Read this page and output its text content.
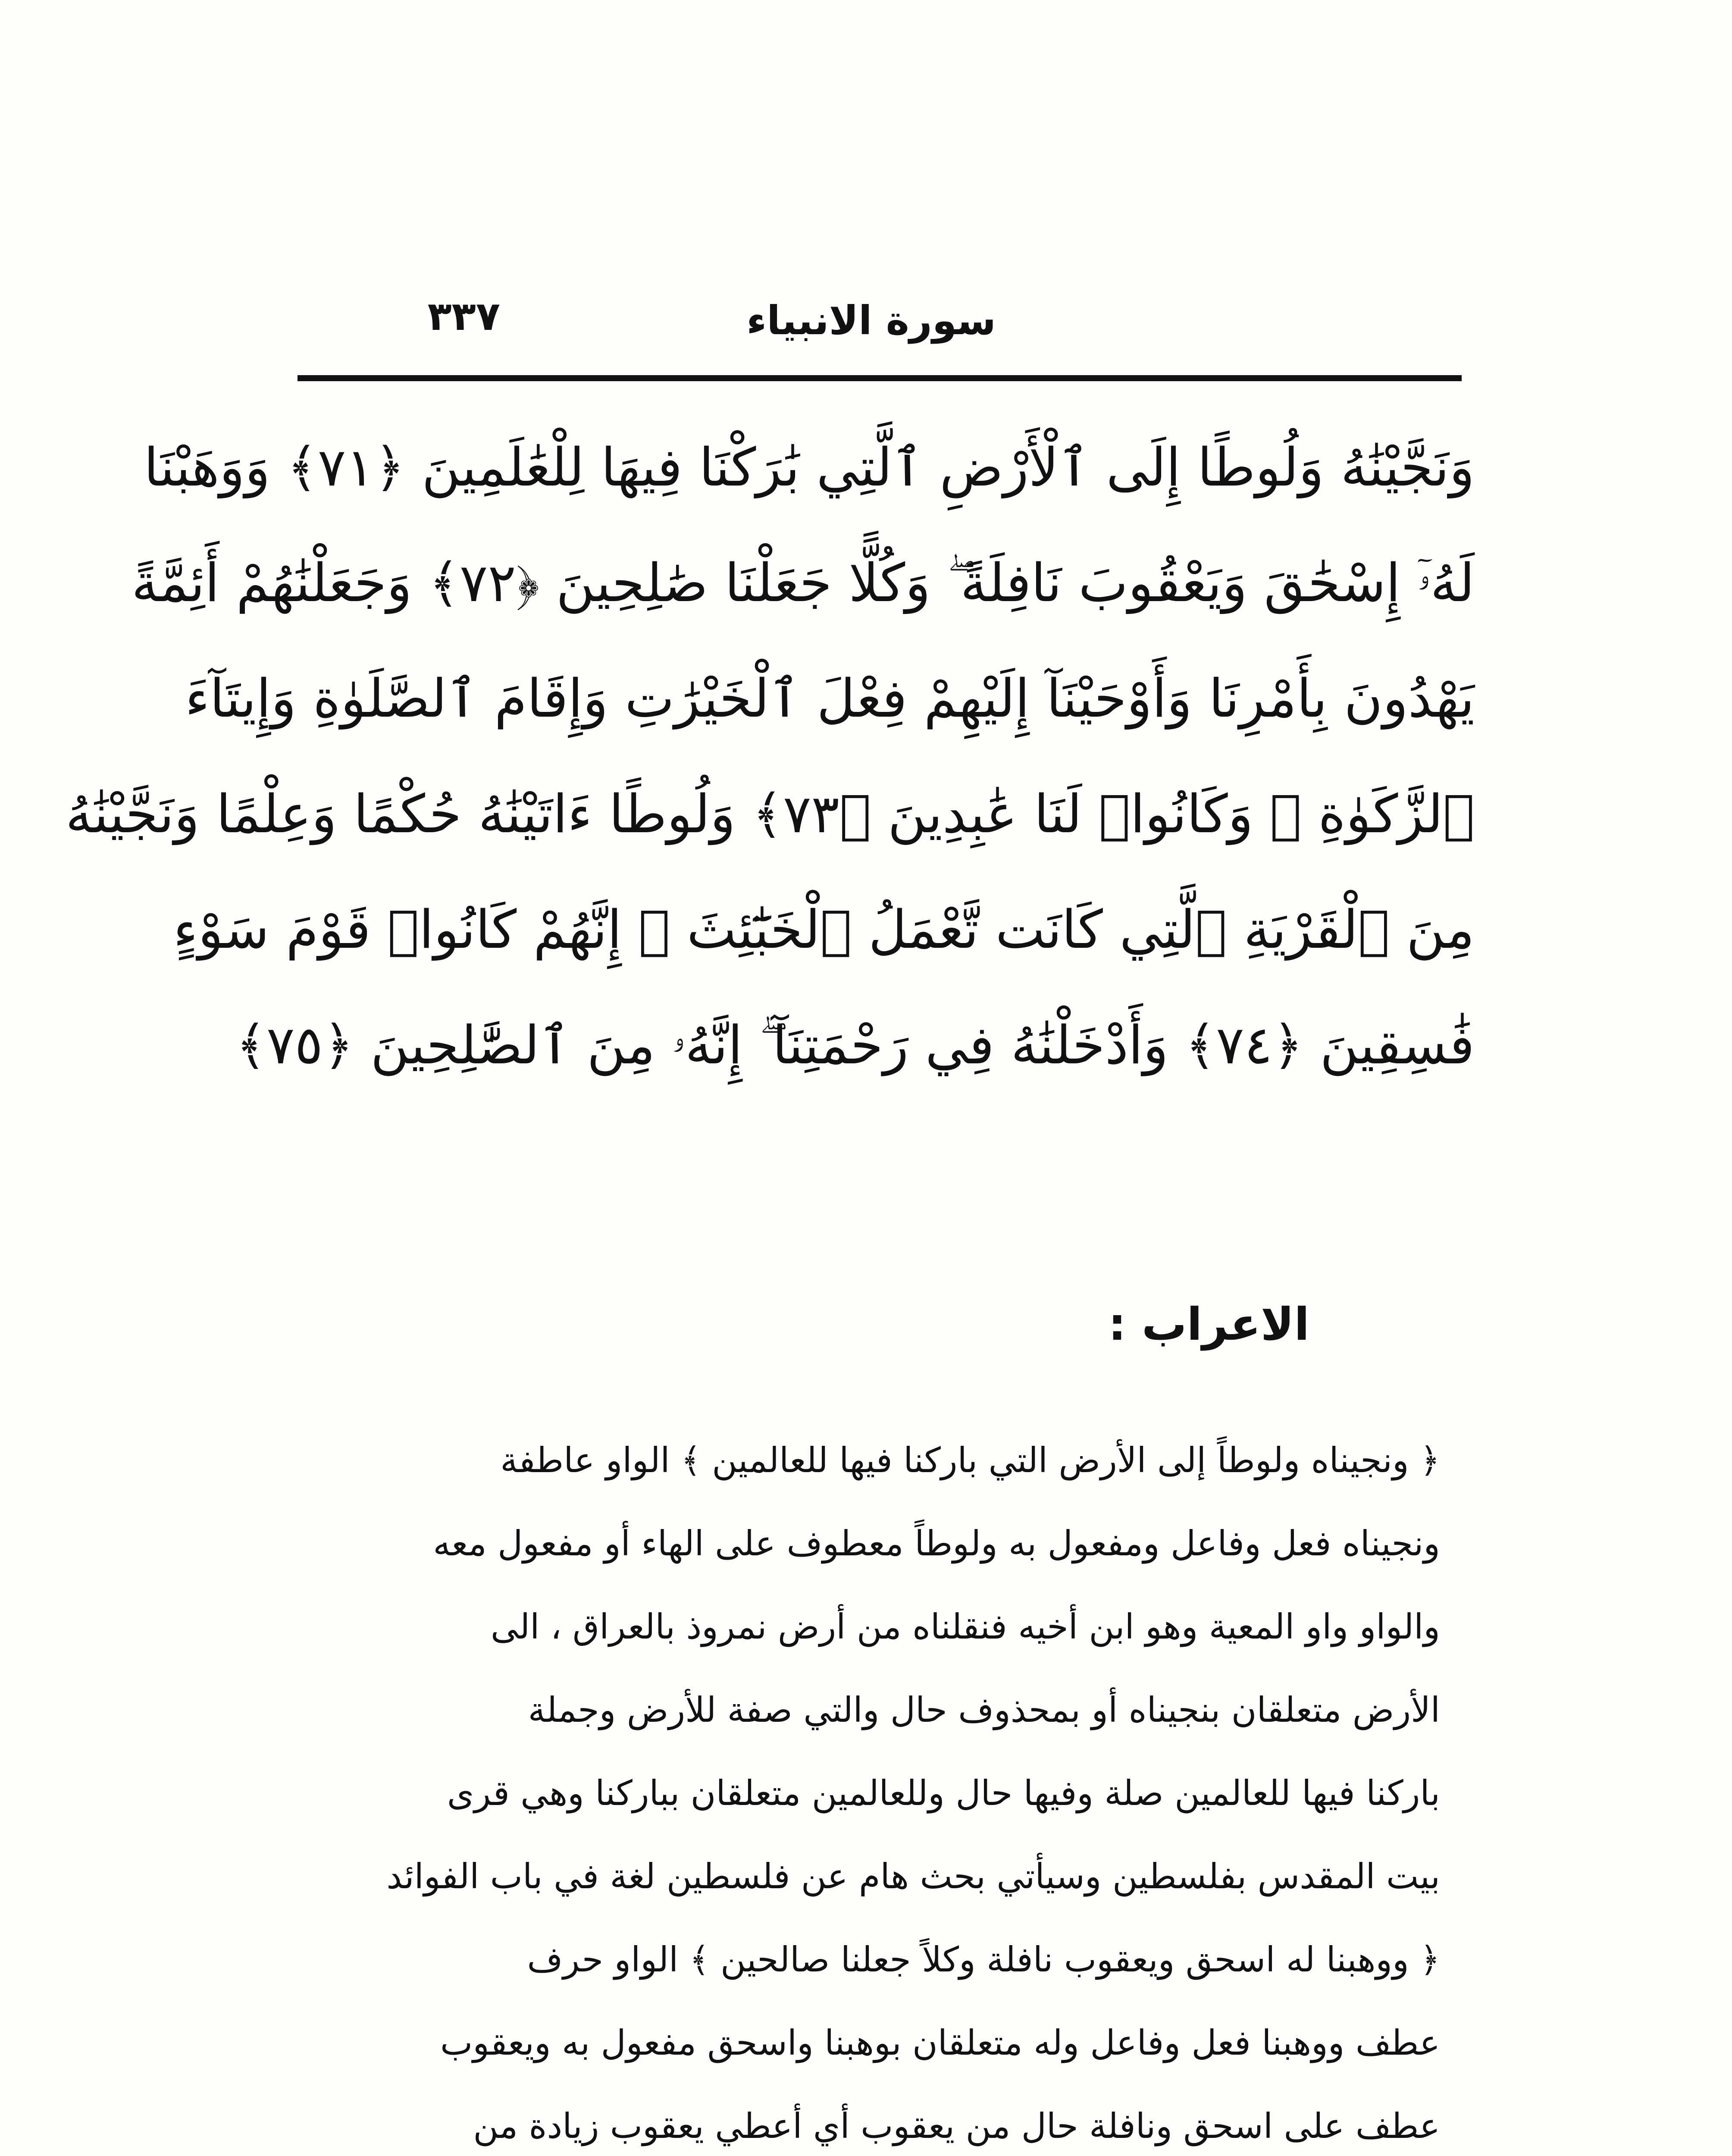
٣٣٧	سورة الانبياء
وَنَجَّيْنَٰهُ وَلُوطًا إِلَى ٱلْأَرْضِ ٱلَّتِي بَٰرَكْنَا فِيهَا لِلْعَٰلَمِينَ ﴿٧١﴾ وَوَهَبْنَا
لَهُۥٓ إِسْحَٰقَ وَيَعْقُوبَ نَافِلَةً ۖ وَكُلًّا جَعَلْنَا صَٰلِحِينَ ﴿٧٢﴾ وَجَعَلْنَٰهُمْ أَئِمَّةً
يَهْدُونَ بِأَمْرِنَا وَأَوْحَيْنَآ إِلَيْهِمْ فِعْلَ ٱلْخَيْرَٰتِ وَإِقَامَ ٱلصَّلَوٰةِ وَإِيتَآءَ
ٱلزَّكَوٰةِ ۖ وَكَانُوا۟ لَنَا عَٰبِدِينَ ﴿٧٣﴾ وَلُوطًا ءَاتَيْنَٰهُ حُكْمًا وَعِلْمًا وَنَجَّيْنَٰهُ
مِنَ ٱلْقَرْيَةِ ٱلَّتِي كَانَت تَّعْمَلُ ٱلْخَبَٰٓئِثَ ۗ إِنَّهُمْ كَانُوا۟ قَوْمَ سَوْءٍ
فَٰسِقِينَ ﴿٧٤﴾ وَأَدْخَلْنَٰهُ فِي رَحْمَتِنَآ ۖ إِنَّهُۥ مِنَ ٱلصَّٰلِحِينَ ﴿٧٥﴾
الاعراب :
﴿ ونجيناه ولوطاً إلى الأرض التي باركنا فيها للعالمين ﴾ الواو عاطفة
ونجيناه فعل وفاعل ومفعول به ولوطاً معطوف على الهاء أو مفعول معه
والواو واو المعية وهو ابن أخيه فنقلناه من أرض نمروذ بالعراق ، الى
الأرض متعلقان بنجيناه أو بمحذوف حال والتي صفة للأرض وجملة
باركنا فيها للعالمين صلة وفيها حال وللعالمين متعلقان بباركنا وهي قرى
بيت المقدس بفلسطين وسيأتي بحث هام عن فلسطين لغة في باب الفوائد
﴿ ووهبنا له اسحق ويعقوب نافلة وكلاً جعلنا صالحين ﴾ الواو حرف
عطف ووهبنا فعل وفاعل وله متعلقان بوهبنا واسحق مفعول به ويعقوب
عطف على اسحق ونافلة حال من يعقوب أي أعطي يعقوب زيادة من
